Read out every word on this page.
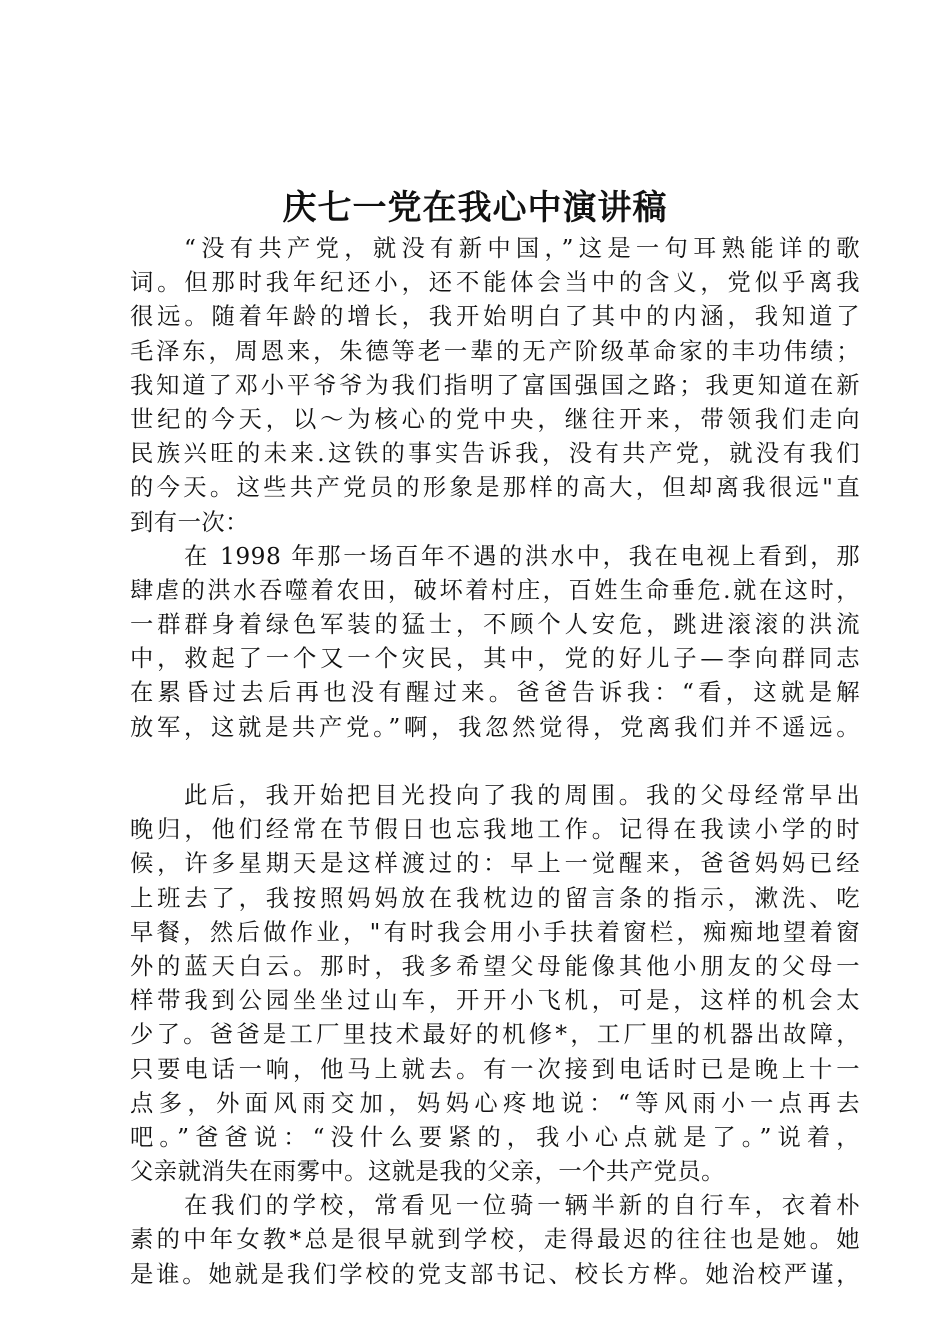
庆七一党在我心中演讲稿
“没有共产党，就没有新中国，”这是一句耳熟能详的歌
词。但那时我年纪还小，还不能体会当中的含义，党似乎离我
很远。随着年龄的增长，我开始明白了其中的内涵，我知道了
毛泽东，周恩来，朱德等老一辈的无产阶级革命家的丰功伟绩；
我知道了邓小平爷爷为我们指明了富国强国之路；我更知道在新
世纪的今天，以～为核心的党中央，继往开来，带领我们走向
民族兴旺的未来.这铁的事实告诉我，没有共产党，就没有我们
的今天。这些共产党员的形象是那样的高大，但却离我很远"直
到有一次：
在 1998 年那一场百年不遇的洪水中，我在电视上看到，那
肆虐的洪水吞噬着农田，破坏着村庄，百姓生命垂危.就在这时，
一群群身着绿色军装的猛士，不顾个人安危，跳进滚滚的洪流
中，救起了一个又一个灾民，其中，党的好儿子—李向群同志
在累昏过去后再也没有醒过来。爸爸告诉我：“看，这就是解
放军，这就是共产党。”啊，我忽然觉得，党离我们并不遥远。
此后，我开始把目光投向了我的周围。我的父母经常早出
晚归，他们经常在节假日也忘我地工作。记得在我读小学的时
候，许多星期天是这样渡过的：早上一觉醒来，爸爸妈妈已经
上班去了，我按照妈妈放在我枕边的留言条的指示，漱洗、吃
早餐，然后做作业，"有时我会用小手扶着窗栏，痴痴地望着窗
外的蓝天白云。那时，我多希望父母能像其他小朋友的父母一
样带我到公园坐坐过山车，开开小飞机，可是，这样的机会太
少了。爸爸是工厂里技术最好的机修*，工厂里的机器出故障，
只要电话一响，他马上就去。有一次接到电话时已是晚上十一
点多，外面风雨交加，妈妈心疼地说：“等风雨小一点再去
吧。”爸爸说：“没什么要紧的，我小心点就是了。”说着，
父亲就消失在雨雾中。这就是我的父亲，一个共产党员。
在我们的学校，常看见一位骑一辆半新的自行车，衣着朴
素的中年女教*总是很早就到学校，走得最迟的往往也是她。她
是谁。她就是我们学校的党支部书记、校长方桦。她治校严谨，
